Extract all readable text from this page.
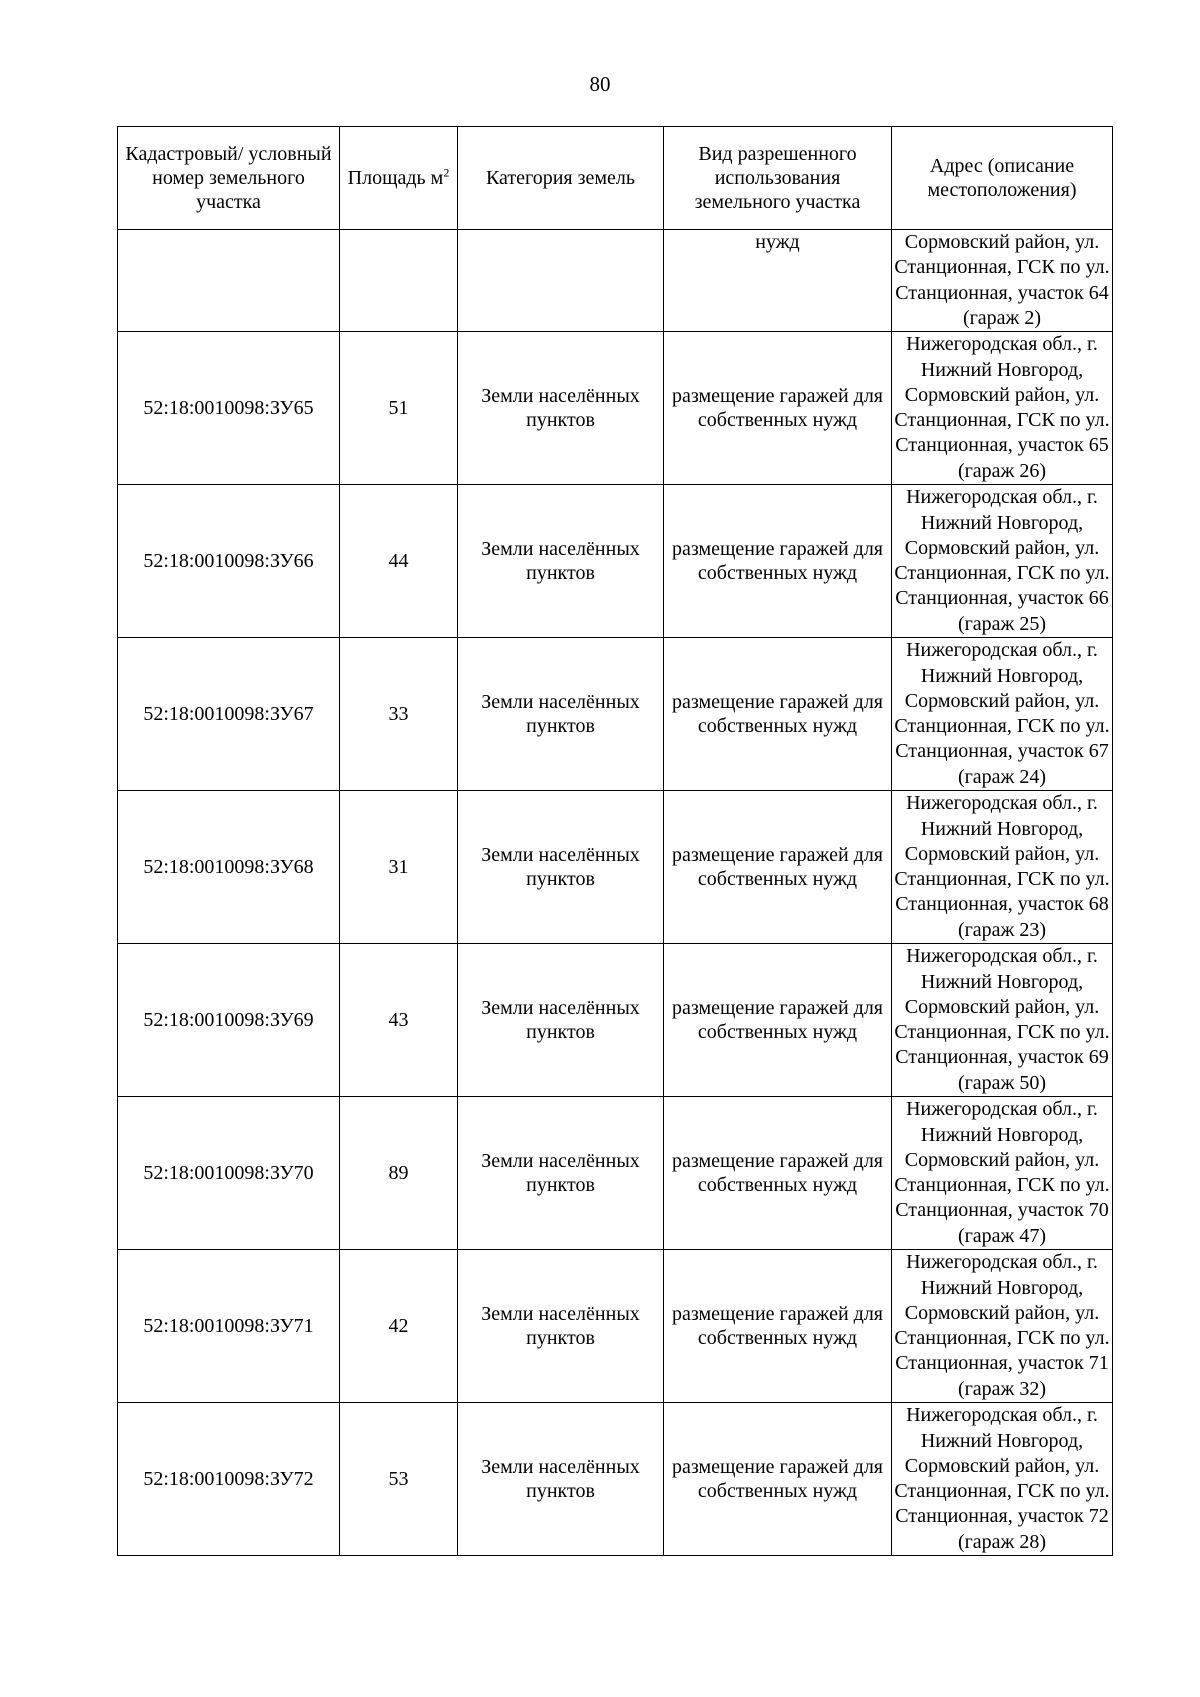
80
Кадастровый/ условный номер земельного участка	Площадь $м^2$	Категория земель	Вид разрешенного использования земельного участка	Адрес (описание местоположения)
			нужд	Сормовский район, ул. Станционная, ГСК по ул. Станционная, участок 64 (гараж 2)

52:18:0010098:ЗУ65	51	Земли населённых пунктов	размещение гаражей для собственных нужд	Нижегородская обл., г. Нижний Новгород, Сормовский район, ул. Станционная, ГСК по ул. Станционная, участок 65 (гараж 26)

52:18:0010098:ЗУ66	44	Земли населённых пунктов	размещение гаражей для собственных нужд	Нижегородская обл., г. Нижний Новгород, Сормовский район, ул. Станционная, ГСК по ул. Станционная, участок 66 (гараж 25)

52:18:0010098:ЗУ67	33	Земли населённых пунктов	размещение гаражей для собственных нужд	Нижегородская обл., г. Нижний Новгород, Сормовский район, ул. Станционная, ГСК по ул. Станционная, участок 67 (гараж 24)

52:18:0010098:ЗУ68	31	Земли населённых пунктов	размещение гаражей для собственных нужд	Нижегородская обл., г. Нижний Новгород, Сормовский район, ул. Станционная, ГСК по ул. Станционная, участок 68 (гараж 23)

52:18:0010098:ЗУ69	43	Земли населённых пунктов	размещение гаражей для собственных нужд	Нижегородская обл., г. Нижний Новгород, Сормовский район, ул. Станционная, ГСК по ул. Станционная, участок 69 (гараж 50)

52:18:0010098:ЗУ70	89	Земли населённых пунктов	размещение гаражей для собственных нужд	Нижегородская обл., г. Нижний Новгород, Сормовский район, ул. Станционная, ГСК по ул. Станционная, участок 70 (гараж 47)

52:18:0010098:ЗУ71	42	Земли населённых пунктов	размещение гаражей для собственных нужд	Нижегородская обл., г. Нижний Новгород, Сормовский район, ул. Станционная, ГСК по ул. Станционная, участок 71 (гараж 32)

52:18:0010098:ЗУ72	53	Земли населённых пунктов	размещение гаражей для собственных нужд	Нижегородская обл., г. Нижний Новгород, Сормовский район, ул. Станционная, ГСК по ул. Станционная, участок 72 (гараж 28)
